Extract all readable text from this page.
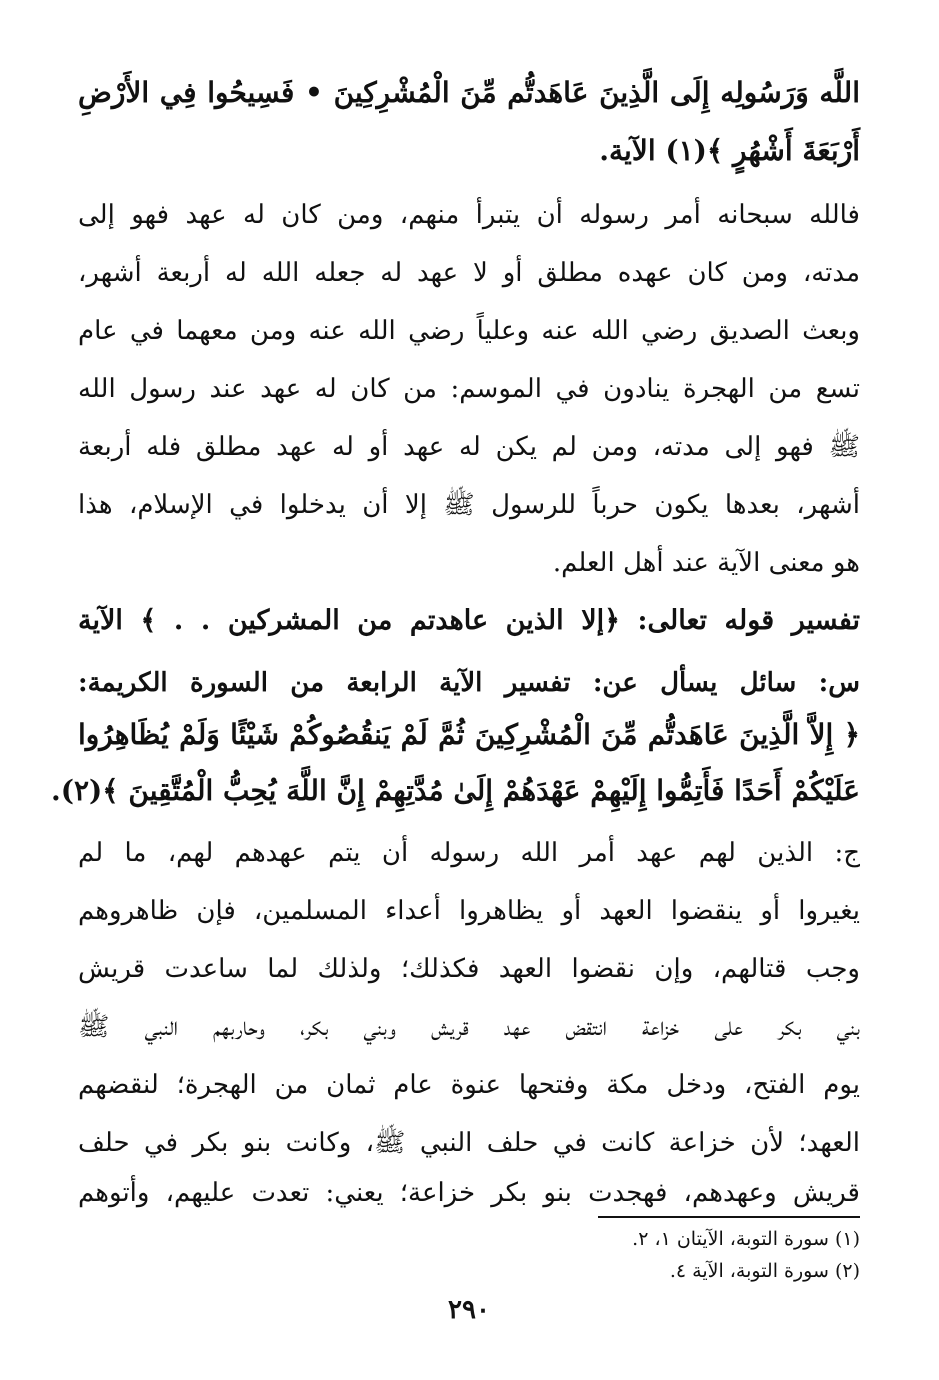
اللَّه وَرَسُولِه إِلَى الَّذِينَ عَاهَدتُّم مِّنَ الْمُشْرِكِينَ • فَسِيحُوا فِي الأَرْضِ
أَرْبَعَةَ أَشْهُرٍ ﴾(١) الآية.
فالله سبحانه أمر رسوله أن يتبرأ منهم، ومن كان له عهد فهو إلى
مدته، ومن كان عهده مطلق أو لا عهد له جعله الله له أربعة أشهر،
وبعث الصديق رضي الله عنه وعلياً رضي الله عنه ومن معهما في عام
تسع من الهجرة ينادون في الموسم: من كان له عهد عند رسول الله
ﷺ فهو إلى مدته، ومن لم يكن له عهد أو له عهد مطلق فله أربعة
أشهر، بعدها يكون حرباً للرسول ﷺ إلا أن يدخلوا في الإسلام، هذا
هو معنى الآية عند أهل العلم.
تفسير قوله تعالى: ﴿إلا الذين عاهدتم من المشركين . . ﴾ الآية
س: سائل يسأل عن: تفسير الآية الرابعة من السورة الكريمة:
﴿ إِلاَّ الَّذِينَ عَاهَدتُّم مِّنَ الْمُشْرِكِينَ ثُمَّ لَمْ يَنقُصُوكُمْ شَيْئًا وَلَمْ يُظَاهِرُوا
عَلَيْكُمْ أَحَدًا فَأَتِمُّوا إِلَيْهِمْ عَهْدَهُمْ إِلَىٰ مُدَّتِهِمْ إِنَّ اللَّهَ يُحِبُّ الْمُتَّقِينَ ﴾(٢).
ج: الذين لهم عهد أمر الله رسوله أن يتم عهدهم لهم، ما لم
يغيروا أو ينقضوا العهد أو يظاهروا أعداء المسلمين، فإن ظاهروهم
وجب قتالهم، وإن نقضوا العهد فكذلك؛ ولذلك لما ساعدت قريش
بني بكر على خزاعة انتقض عهد قريش وبني بكر، وحاربهم النبي ﷺ
يوم الفتح، ودخل مكة وفتحها عنوة عام ثمان من الهجرة؛ لنقضهم
العهد؛ لأن خزاعة كانت في حلف النبي ﷺ، وكانت بنو بكر في حلف
قريش وعهدهم، فهجدت بنو بكر خزاعة؛ يعني: تعدت عليهم، وأتوهم
(١) سورة التوبة، الآيتان ١، ٢.
(٢) سورة التوبة، الآية ٤.
٢٩٠
